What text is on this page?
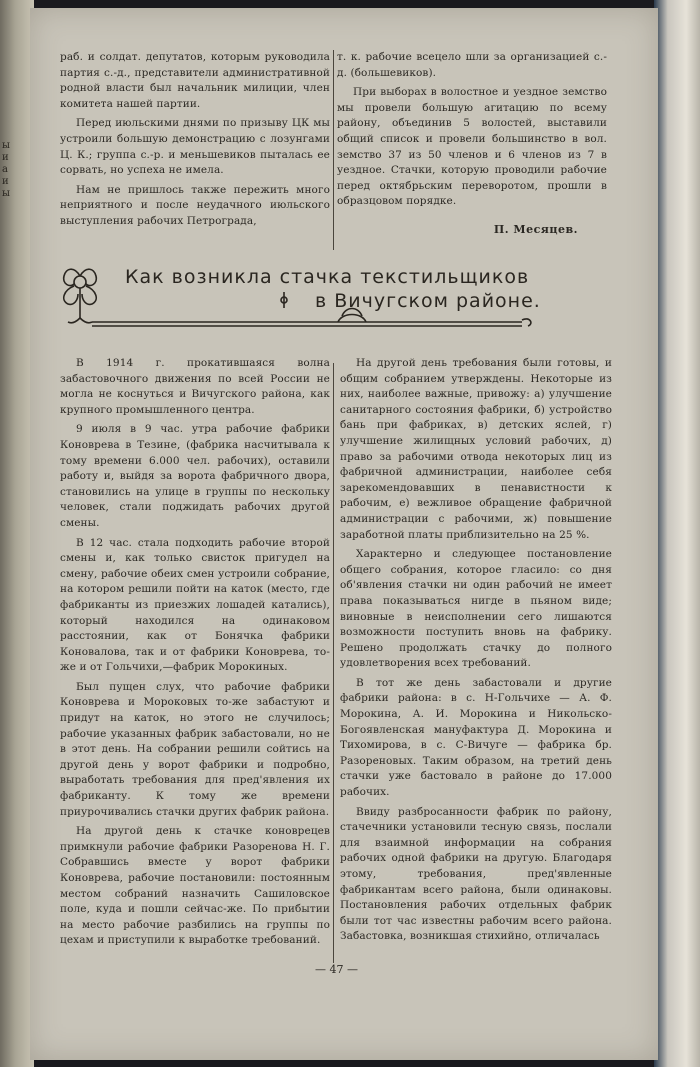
ы
и
а
и
ы

раб. и солдат. депутатов, которым руководила партия с.-д., представители административной родной власти был начальник милиции, член комитета нашей партии.

Перед июльскими днями по призыву ЦК мы устроили большую демонстрацию с лозунгами Ц. К.; группа с.-р. и меньшевиков пыталась ее сорвать, но успеха не имела.

Нам не пришлось также пережить много неприятного и после неудачного июльского выступления рабочих Петрограда,

т. к. рабочие всецело шли за организацией с.-д. (большевиков).

При выборах в волостное и уездное земство мы провели большую агитацию по всему району, объединив 5 волостей, выставили общий список и провели большинство в вол. земство 37 из 50 членов и 6 членов из 7 в уездное. Стачки, которую проводили рабочие перед октябрьским переворотом, прошли в образцовом порядке.

П. Месяцев.
Как возникла стачка текстильщиков
в Вичугском районе.

В 1914 г. прокатившаяся волна забастовочного движения по всей России не могла не коснуться и Вичугского района, как крупного промышленного центра.

9 июля в 9 час. утра рабочие фабрики Коноврева в Тезине, (фабрика насчитывала к тому времени 6.000 чел. рабочих), оставили работу и, выйдя за ворота фабричного двора, становились на улице в группы по нескольку человек, стали поджидать рабочих другой смены.

В 12 час. стала подходить рабочие второй смены и, как только свисток пригудел на смену, рабочие обеих смен устроили собрание, на котором решили пойти на каток (место, где фабриканты из приезжих лошадей катались), который находился на одинаковом расстоянии, как от Бонячка фабрики Коновалова, так и от фабрики Коноврева, то-же и от Гольчихи,—фабрик Морокиных.

Был пущен слух, что рабочие фабрики Коноврева и Мороковых то-же забастуют и придут на каток, но этого не случилось; рабочие указанных фабрик забастовали, но не в этот день. На собрании решили сойтись на другой день у ворот фабрики и подробно, выработать требования для пред'явления их фабриканту. К тому же времени приурочивались стачки других фабрик района.

На другой день к стачке коноврецев примкнули рабочие фабрики Разоренова Н. Г. Собравшись вместе у ворот фабрики Коноврева, рабочие постановили: постоянным местом собраний назначить Сашиловское поле, куда и пошли сейчас-же. По прибытии на место рабочие разбились на группы по цехам и приступили к выработке требований.

На другой день требования были готовы, и общим собранием утверждены. Некоторые из них, наиболее важные, привожу: а) улучшение санитарного состояния фабрики, б) устройство бань при фабриках, в) детских яслей, г) улучшение жилищных условий рабочих, д) право за рабочими отвода некоторых лиц из фабричной администрации, наиболее себя зарекомендовавших в пенавистности к рабочим, е) вежливое обращение фабричной администрации с рабочими, ж) повышение заработной платы приблизительно на 25 %.

Характерно и следующее постановление общего собрания, которое гласило: со дня об'явления стачки ни один рабочий не имеет права показываться нигде в пьяном виде; виновные в неисполнении сего лишаются возможности поступить вновь на фабрику. Решено продолжать стачку до полного удовлетворения всех требований.

В тот же день забастовали и другие фабрики района: в с. Н-Гольчихе — А. Ф. Морокина, А. И. Морокина и Никольско-Богоявленская мануфактура Д. Морокина и Тихомирова, в с. С-Вичуге — фабрика бр. Разореновых. Таким образом, на третий день стачки уже бастовало в районе до 17.000 рабочих.

Ввиду разбросанности фабрик по району, стачечники установили тесную связь, послали для взаимной информации на собрания рабочих одной фабрики на другую. Благодаря этому, требования, пред'явленные фабрикантам всего района, были одинаковы. Постановления рабочих отдельных фабрик были тот час известны рабочим всего района. Забастовка, возникшая стихийно, отличалась

— 47 —
